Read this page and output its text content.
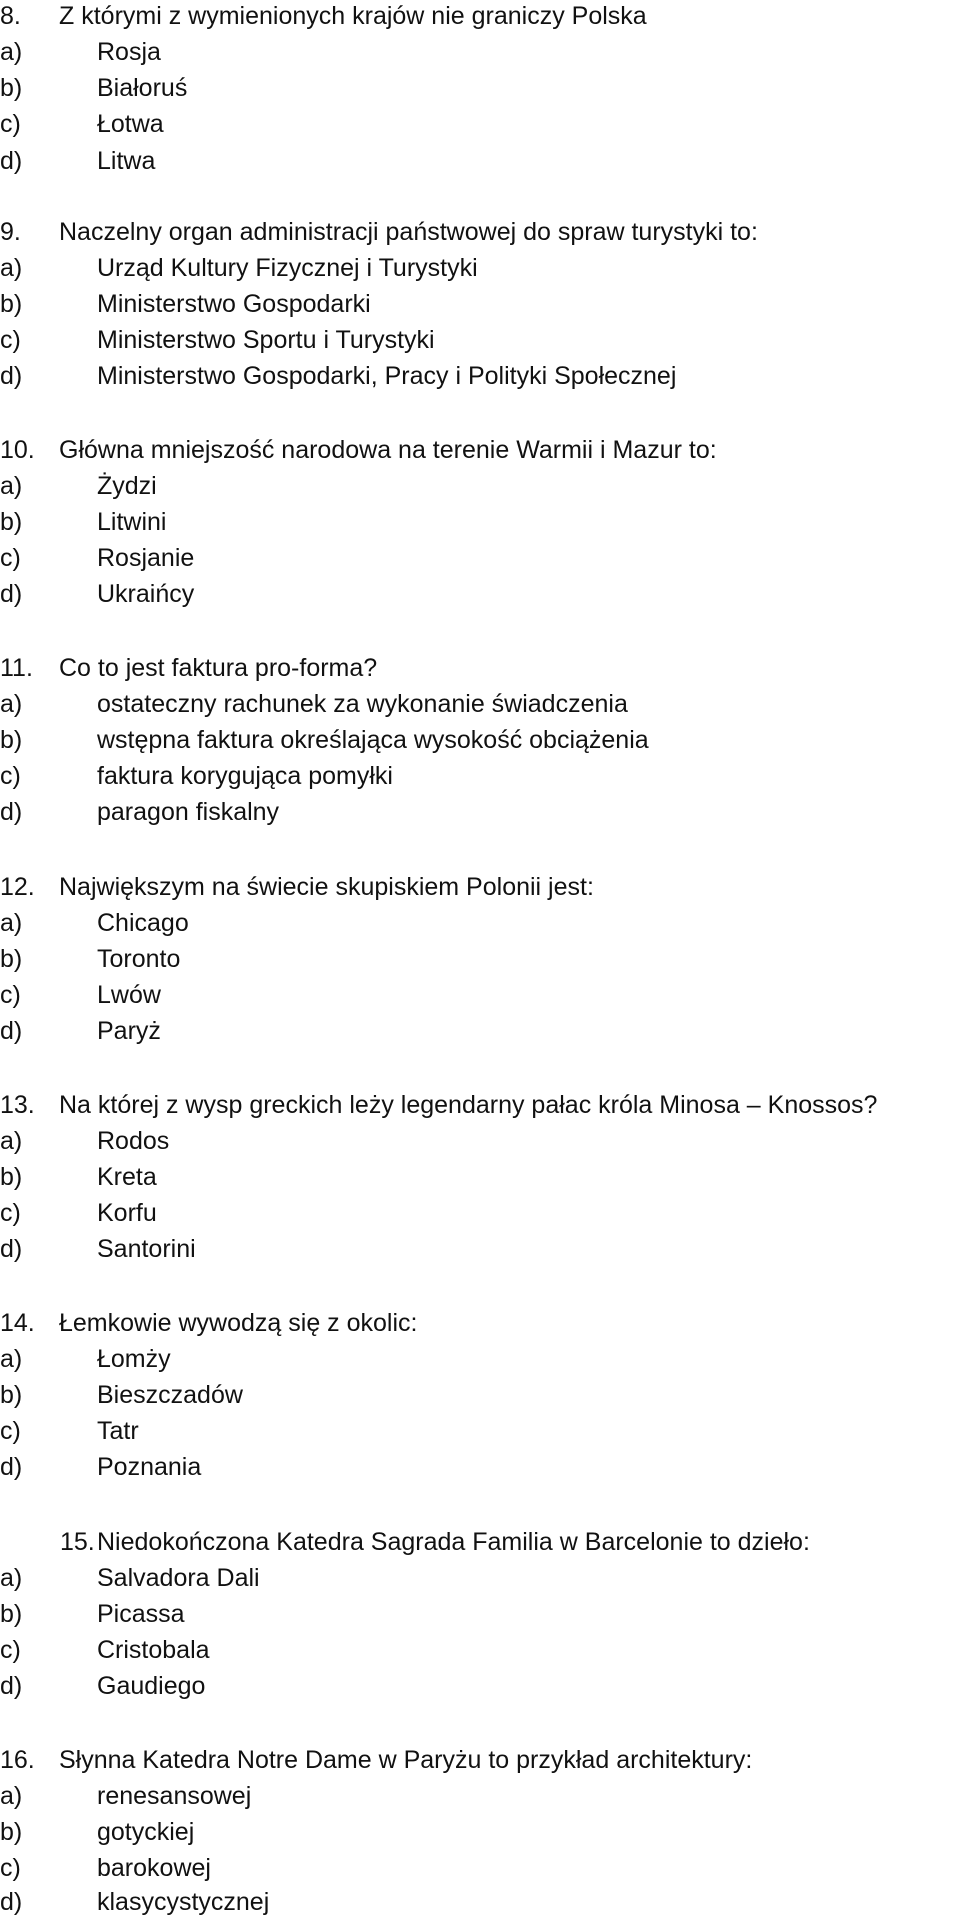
8. Z którymi z wymienionych krajów nie graniczy Polska
a)	Rosja
b)	Białoruś
c)	Łotwa
d)	Litwa
9. Naczelny organ administracji państwowej do spraw turystyki to:
a)	Urząd Kultury Fizycznej i Turystyki
b)	Ministerstwo Gospodarki
c)	Ministerstwo Sportu i Turystyki
d)	Ministerstwo Gospodarki, Pracy i Polityki Społecznej
10. Główna mniejszość narodowa na terenie Warmii i Mazur to:
a)	Żydzi
b)	Litwini
c)	Rosjanie
d)	Ukraińcy
11. Co to jest faktura pro-forma?
a)	ostateczny rachunek za wykonanie świadczenia
b)	wstępna faktura określająca wysokość obciążenia
c)	faktura korygująca pomyłki
d)	paragon fiskalny
12. Największym na świecie skupiskiem Polonii jest:
a)	Chicago
b)	Toronto
c)	Lwów
d)	Paryż
13. Na której z wysp greckich leży legendarny pałac króla Minosa – Knossos?
a)	Rodos
b)	Kreta
c)	Korfu
d)	Santorini
14. Łemkowie wywodzą się z okolic:
a)	Łomży
b)	Bieszczadów
c)	Tatr
d)	Poznania
15. Niedokończona Katedra Sagrada Familia w Barcelonie to dzieło:
a)	Salvadora Dali
b)	Picassa
c)	Cristobala
d)	Gaudiego
16. Słynna Katedra Notre Dame w Paryżu to przykład architektury:
a)	renesansowej
b)	gotyckiej
c)	barokowej
d)	klasycystycznej
